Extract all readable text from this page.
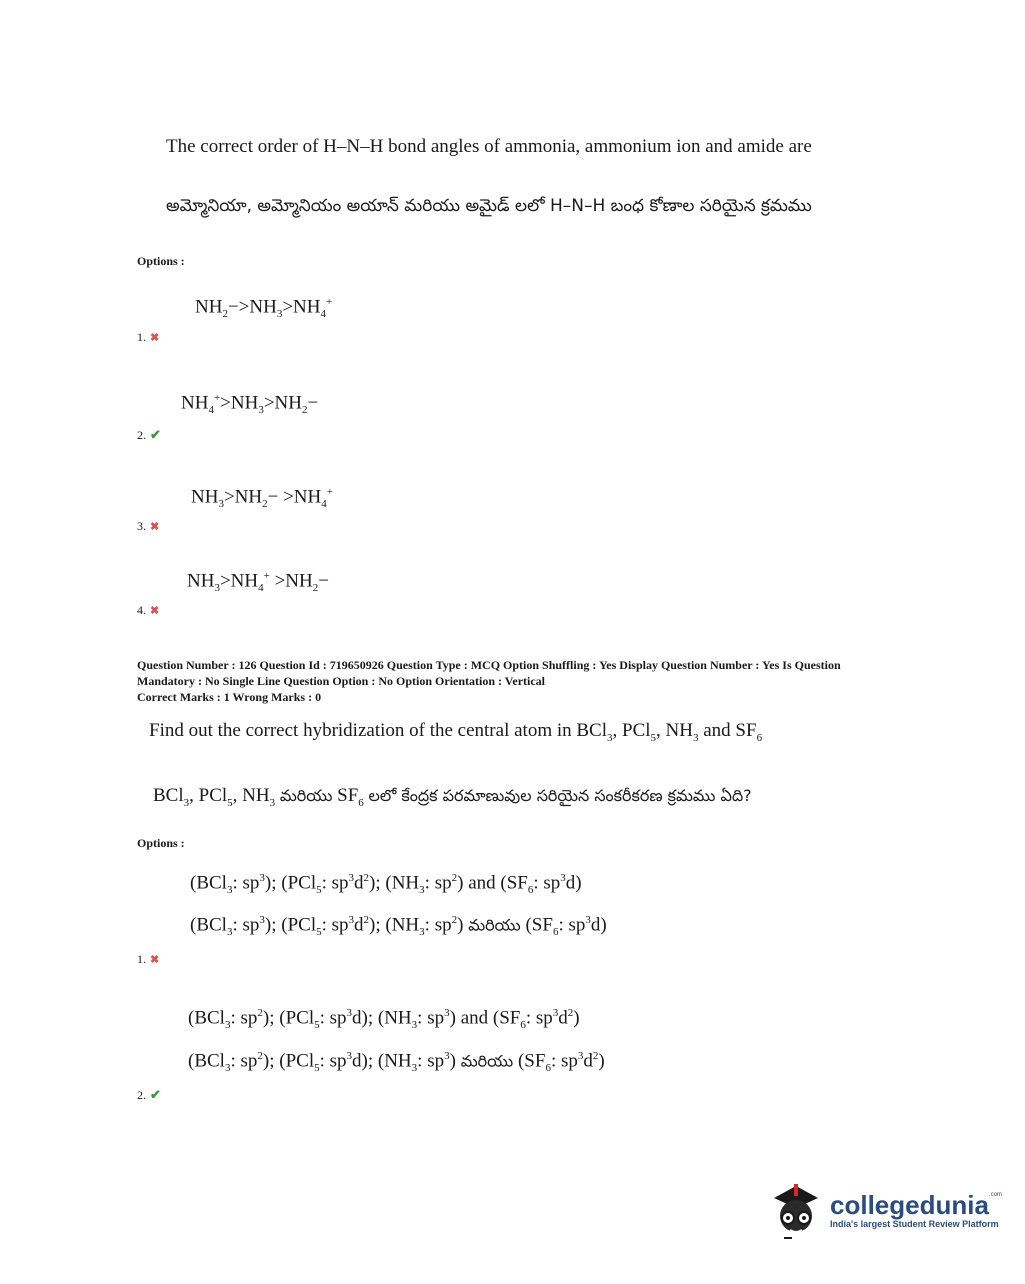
The correct order of H–N–H bond angles of ammonia, ammonium ion and amide are
అమ్మోనియా, అమ్మోనియం అయాన్ మరియు అమైడ్ లలో H–N–H బంధ కోణాల సరియైన క్రమము
Options :
$NH_2->NH_3>NH_4^+$
1. ✖
$NH_4^+>NH_3>NH_2-$
2. ✔
$NH_3>NH_2- >NH_4^+$
3. ✖
$NH_3>NH_4^+ >NH_2-$
4. ✖
Question Number : 126 Question Id : 719650926 Question Type : MCQ Option Shuffling : Yes Display Question Number : Yes Is Question Mandatory : No Single Line Question Option : No Option Orientation : Vertical
Correct Marks : 1 Wrong Marks : 0
Find out the correct hybridization of the central atom in BCl$_3$, PCl$_5$, $NH_3$ and $SF_6$
BCl$_3$, PCl$_5$, $NH_3$ మరియు $SF_6$ లలో కేంద్రక పరమాణువుల సరియైన సంకరీకరణ క్రమము ఏది?
Options :
(BCl$_3$: $sp^3$); (PCl$_5$: $sp^3d^2$); ($NH_3$: $sp^2$) and ($SF_6$: $sp^3d$)
(BCl$_3$: $sp^3$); (PCl$_5$: $sp^3d^2$); ($NH_3$: $sp^2$) మరియు ($SF_6$: $sp^3d$)
1. ✖
(BCl$_3$: $sp^2$); (PCl$_5$: $sp^3d$); ($NH_3$: $sp^3$) and ($SF_6$: $sp^3d^2$)
(BCl$_3$: $sp^2$); (PCl$_5$: $sp^3d$); ($NH_3$: $sp^3$) మరియు ($SF_6$: $sp^3d^2$)
2. ✔
collegedunia$^{.com}$
India's largest Student Review Platform
